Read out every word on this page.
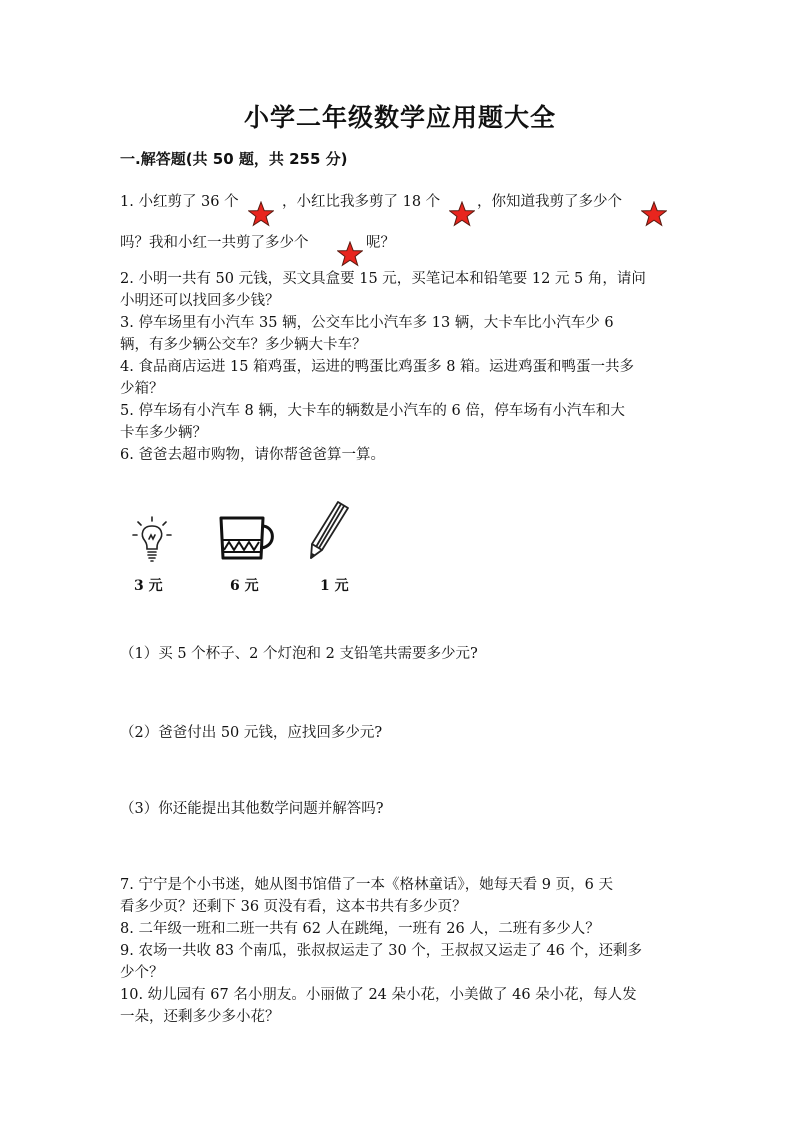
小学二年级数学应用题大全
一.解答题(共 50 题，共 255 分)
1. 小红剪了 36 个	，小红比我多剪了 18 个	，你知道我剪了多少个
吗？我和小红一共剪了多少个	呢？
2. 小明一共有 50 元钱，买文具盒要 15 元，买笔记本和铅笔要 12 元 5 角，请问
小明还可以找回多少钱？
3. 停车场里有小汽车 35 辆，公交车比小汽车多 13 辆，大卡车比小汽车少 6
辆，有多少辆公交车？多少辆大卡车？
4. 食品商店运进 15 箱鸡蛋，运进的鸭蛋比鸡蛋多 8 箱。运进鸡蛋和鸭蛋一共多
少箱？
5. 停车场有小汽车 8 辆，大卡车的辆数是小汽车的 6 倍，停车场有小汽车和大
卡车多少辆？
6. 爸爸去超市购物，请你帮爸爸算一算。
3 元	6 元	1 元
（1）买 5 个杯子、2 个灯泡和 2 支铅笔共需要多少元?
（2）爸爸付出 50 元钱，应找回多少元?
（3）你还能提出其他数学问题并解答吗?
7. 宁宁是个小书迷，她从图书馆借了一本《格林童话》，她每天看 9 页，6 天
看多少页？还剩下 36 页没有看，这本书共有多少页？
8. 二年级一班和二班一共有 62 人在跳绳，一班有 26 人，二班有多少人？
9. 农场一共收 83 个南瓜，张叔叔运走了 30 个，王叔叔又运走了 46 个，还剩多
少个？
10. 幼儿园有 67 名小朋友。小丽做了 24 朵小花，小美做了 46 朵小花，每人发
一朵，还剩多少多小花？
